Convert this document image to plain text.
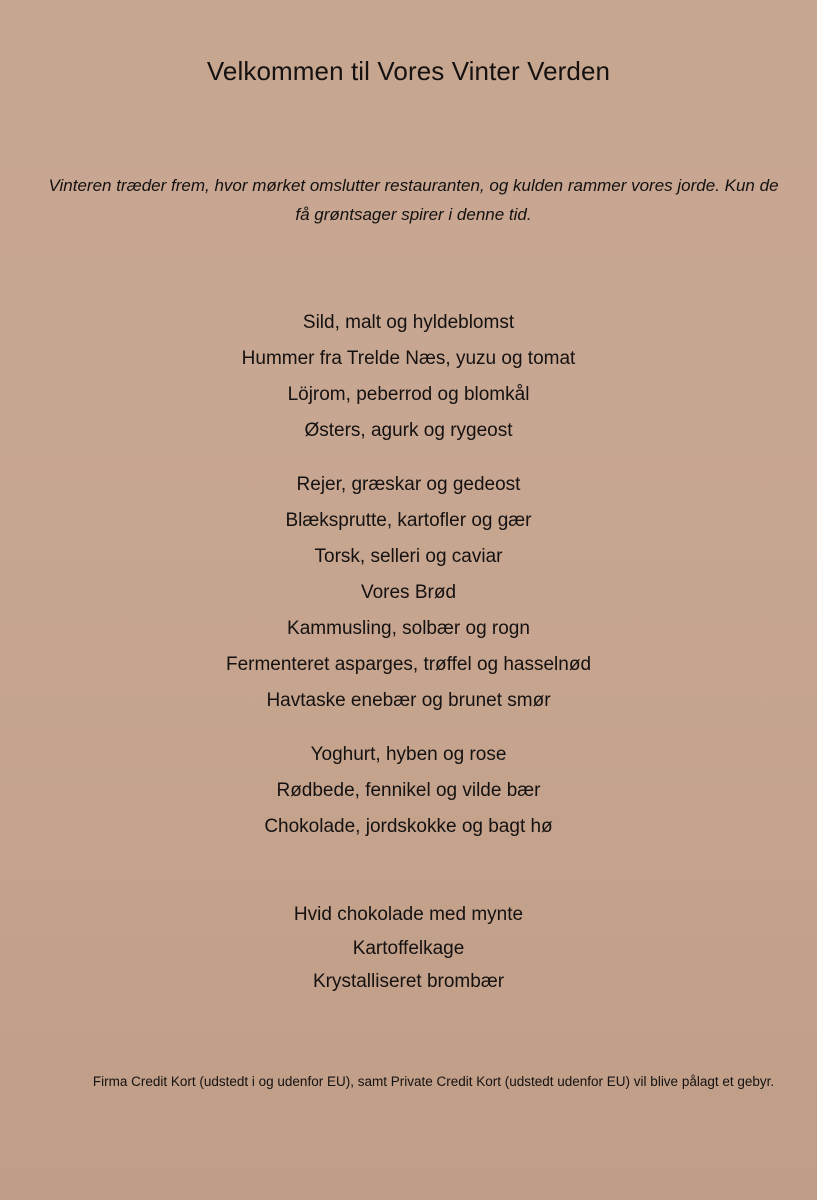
Velkommen til Vores Vinter Verden
Vinteren træder frem, hvor mørket omslutter restauranten, og kulden rammer vores jorde. Kun de få grøntsager spirer i denne tid.
Sild, malt og hyldeblomst
Hummer fra Trelde Næs, yuzu og tomat
Löjrom, peberrod og blomkål
Østers, agurk og rygeost
Rejer, græskar og gedeost
Blæksprutte, kartofler og gær
Torsk, selleri og caviar
Vores Brød
Kammusling, solbær og rogn
Fermenteret asparges, trøffel og hasselnød
Havtaske enebær og brunet smør
Yoghurt, hyben og rose
Rødbede, fennikel og vilde bær
Chokolade, jordskokke og bagt hø
Hvid chokolade med mynte
Kartoffelkage
Krystalliseret brombær
Firma Credit Kort (udstedt i og udenfor EU), samt Private Credit Kort (udstedt udenfor EU) vil blive pålagt et gebyr.
